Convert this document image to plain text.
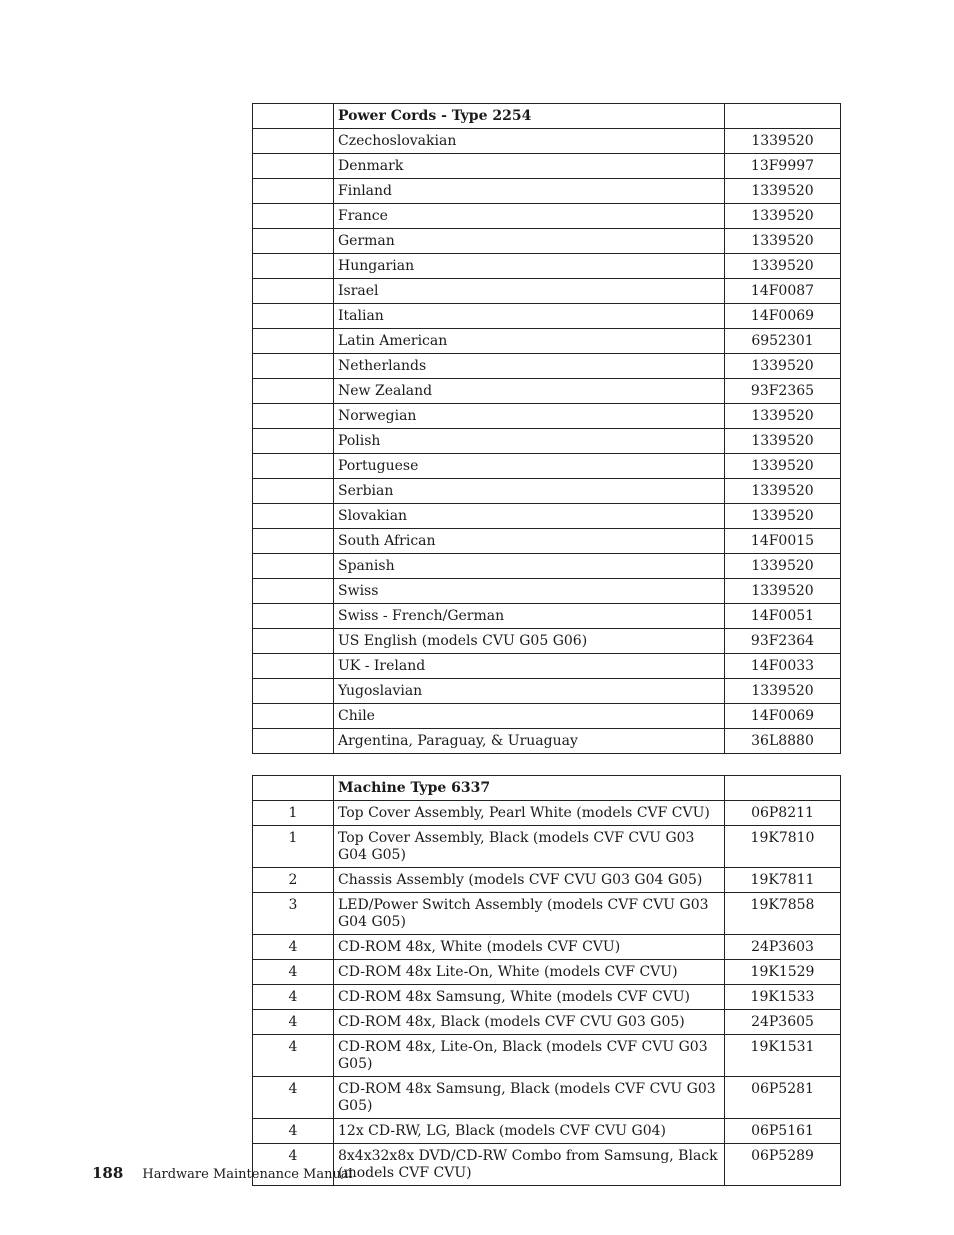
	Power Cords - Type 2254	
	Czechoslovakian	1339520
	Denmark	13F9997
	Finland	1339520
	France	1339520
	German	1339520
	Hungarian	1339520
	Israel	14F0087
	Italian	14F0069
	Latin American	6952301
	Netherlands	1339520
	New Zealand	93F2365
	Norwegian	1339520
	Polish	1339520
	Portuguese	1339520
	Serbian	1339520
	Slovakian	1339520
	South African	14F0015
	Spanish	1339520
	Swiss	1339520
	Swiss - French/German	14F0051
	US English (models CVU G05 G06)	93F2364
	UK - Ireland	14F0033
	Yugoslavian	1339520
	Chile	14F0069
	Argentina, Paraguay, & Uruaguay	36L8880
	Machine Type 6337	
1	Top Cover Assembly, Pearl White (models CVF CVU)	06P8211
1	Top Cover Assembly, Black (models CVF CVU G03 G04 G05)	19K7810
2	Chassis Assembly (models CVF CVU G03 G04 G05)	19K7811
3	LED/Power Switch Assembly (models CVF CVU G03 G04 G05)	19K7858
4	CD-ROM 48x, White (models CVF CVU)	24P3603
4	CD-ROM 48x Lite-On, White (models CVF CVU)	19K1529
4	CD-ROM 48x Samsung, White (models CVF CVU)	19K1533
4	CD-ROM 48x, Black (models CVF CVU G03 G05)	24P3605
4	CD-ROM 48x, Lite-On, Black (models CVF CVU G03 G05)	19K1531
4	CD-ROM 48x Samsung, Black (models CVF CVU G03 G05)	06P5281
4	12x CD-RW, LG, Black (models CVF CVU G04)	06P5161
4	8x4x32x8x DVD/CD-RW Combo from Samsung, Black (models CVF CVU)	06P5289
188 Hardware Maintenance Manual
